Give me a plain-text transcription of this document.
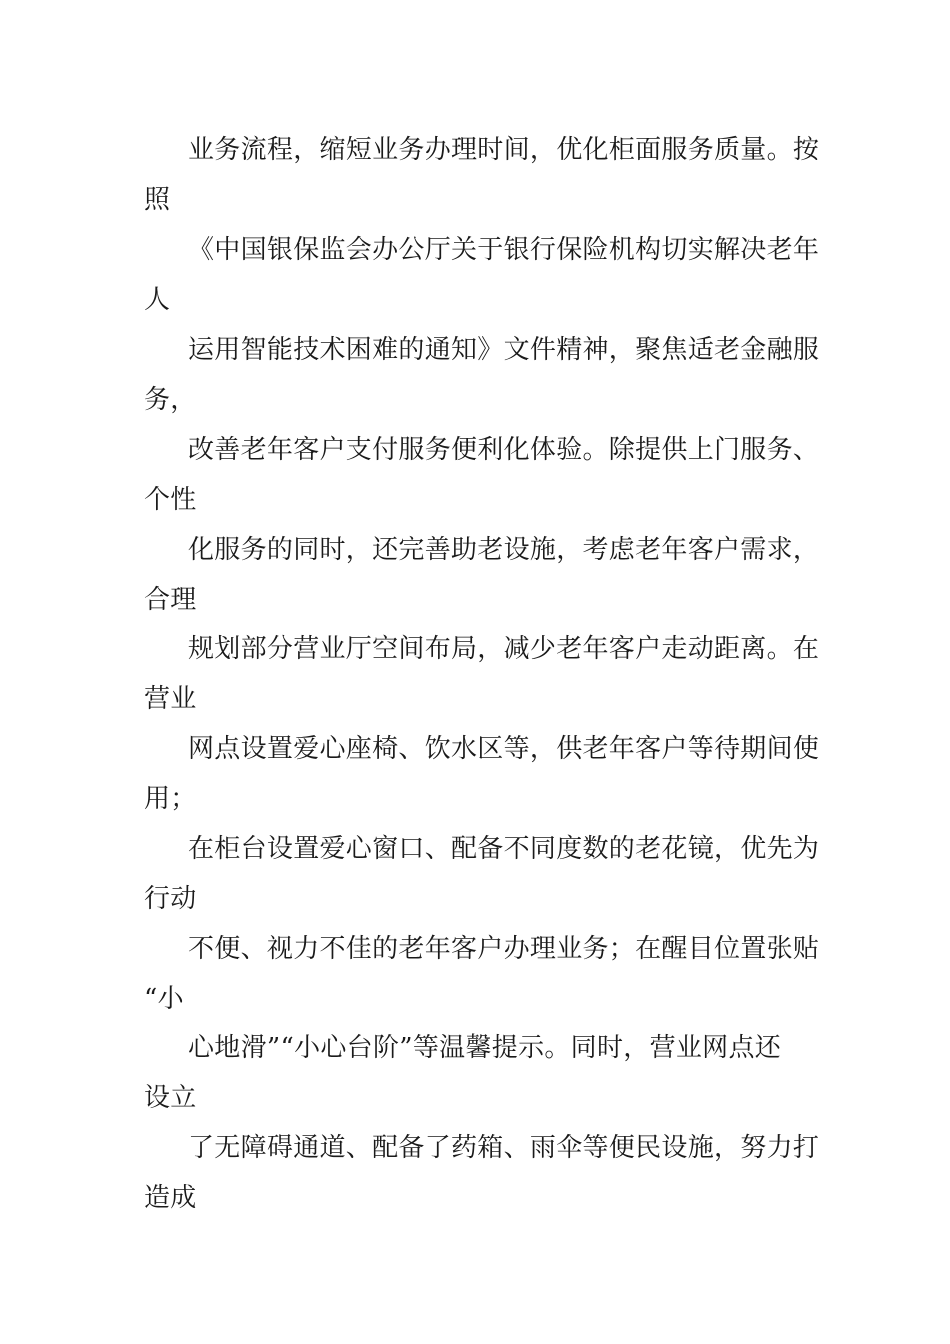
业务流程，缩短业务办理时间，优化柜面服务质量。按

照

《中国银保监会办公厅关于银行保险机构切实解决老年

人

运用智能技术困难的通知》文件精神，聚焦适老金融服

务，

改善老年客户支付服务便利化体验。除提供上门服务、

个性

化服务的同时，还完善助老设施，考虑老年客户需求，

合理

规划部分营业厅空间布局，减少老年客户走动距离。在

营业

网点设置爱心座椅、饮水区等，供老年客户等待期间使

用；

在柜台设置爱心窗口、配备不同度数的老花镜，优先为

行动

不便、视力不佳的老年客户办理业务；在醒目位置张贴

“小

心地滑”“小心台阶”等温馨提示。同时，营业网点还

设立

了无障碍通道、配备了药箱、雨伞等便民设施，努力打

造成
